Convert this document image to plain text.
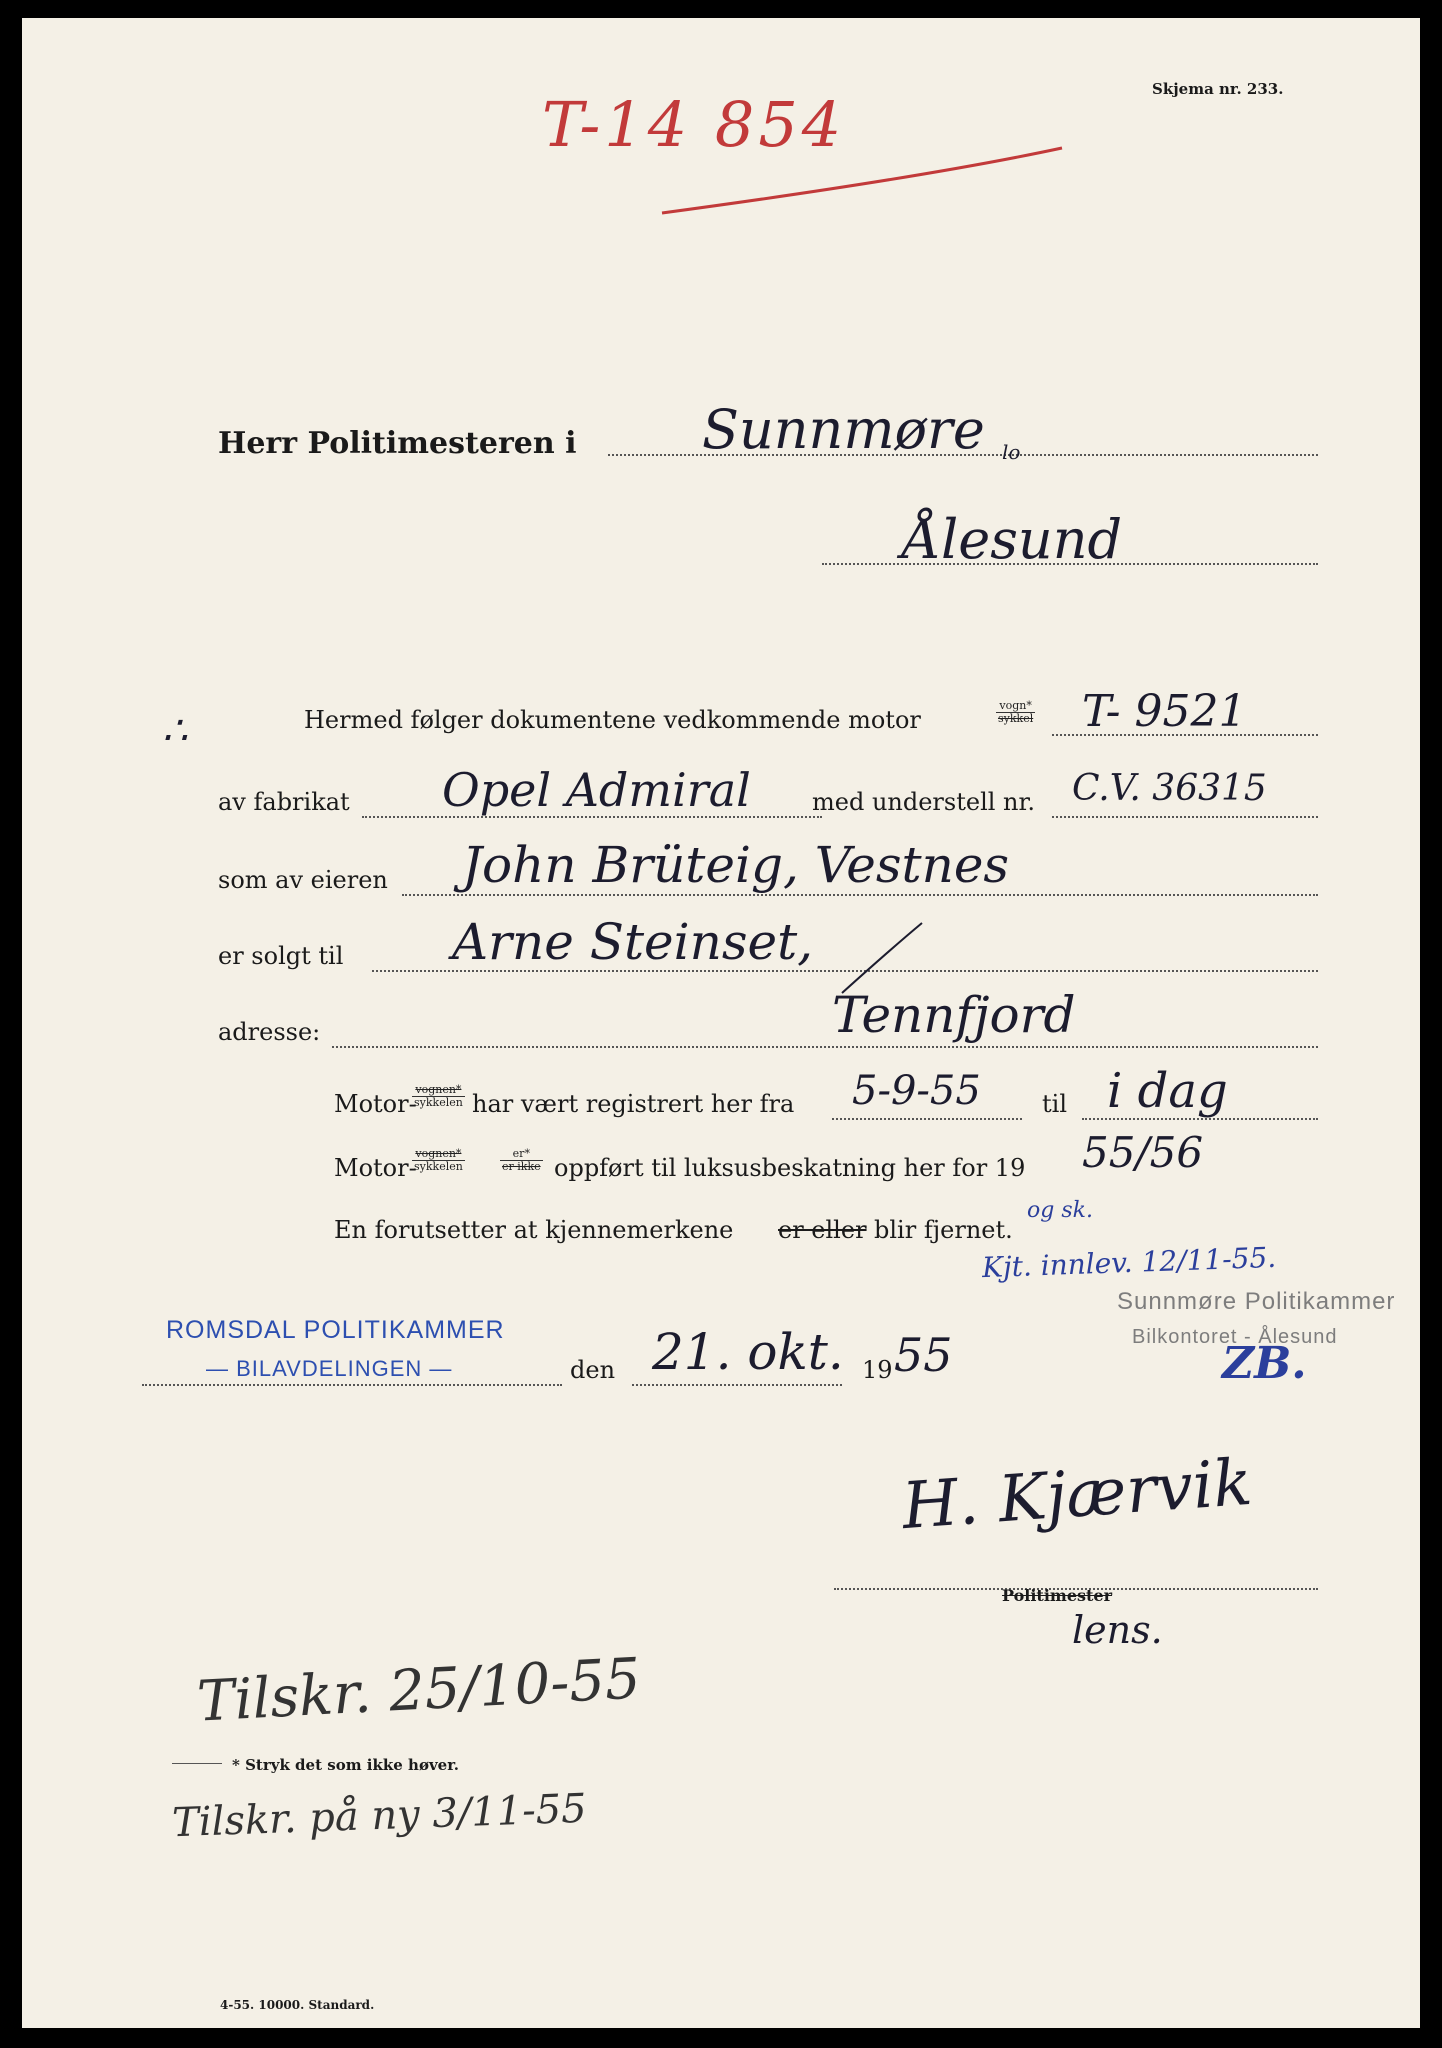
Skjema nr. 233.
T-14 854
Herr Politimesteren i Sunnmøre lo
Ålesund
∴	Hermed følger dokumentene vedkommende motor
vogn*
sykkel T- 9521
av fabrikat Opel Admiral	med understell nr. C.V. 36315
som av eieren John Brüteig, Vestnes
er solgt til Arne Steinset,
adresse:	Tennfjord
Motor-
vognen*
sykkelen har vært registrert her fra 5-9-55	til i dag
Motor-
vognen*
sykkelen
er*
er ikke oppført til luksusbeskatning her for 19 55/56
En forutsetter at kjennemerkene er eller blir fjernet.
og sk.
Kjt. innlev. 12/11-55.
Sunnmøre Politikammer
Bilkontoret - Ålesund
ZB.
ROMSDAL POLITIKAMMER
— BILAVDELINGEN —	den 21. okt. 19 55
H. Kjærvik
Politimester
lens.
Tilskr. 25/10-55
* Stryk det som ikke høver.
Tilskr. på ny 3/11-55
4-55. 10000. Standard.
